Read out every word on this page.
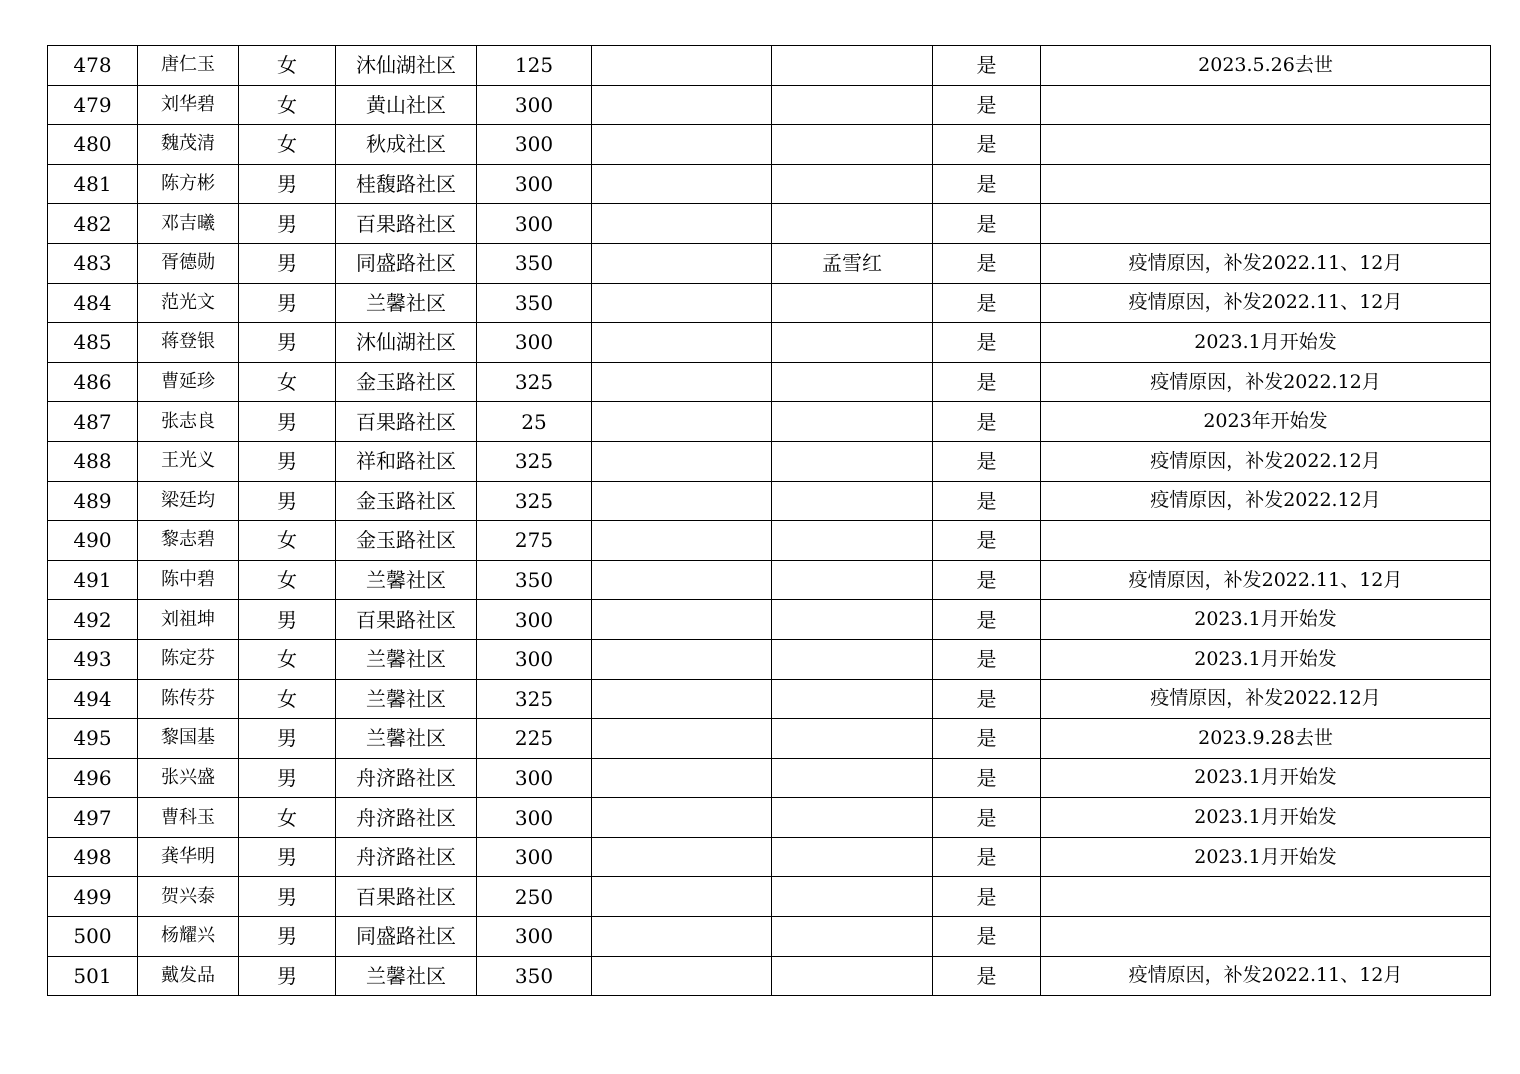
478	唐仁玉	女	沐仙湖社区	125			是	2023.5.26去世
479	刘华碧	女	黄山社区	300			是	
480	魏茂清	女	秋成社区	300			是	
481	陈方彬	男	桂馥路社区	300			是	
482	邓吉曦	男	百果路社区	300			是	
483	胥德勋	男	同盛路社区	350		孟雪红	是	疫情原因，补发2022.11、12月
484	范光文	男	兰馨社区	350			是	疫情原因，补发2022.11、12月
485	蒋登银	男	沐仙湖社区	300			是	2023.1月开始发
486	曹延珍	女	金玉路社区	325			是	疫情原因，补发2022.12月
487	张志良	男	百果路社区	25			是	2023年开始发
488	王光义	男	祥和路社区	325			是	疫情原因，补发2022.12月
489	梁廷均	男	金玉路社区	325			是	疫情原因，补发2022.12月
490	黎志碧	女	金玉路社区	275			是	
491	陈中碧	女	兰馨社区	350			是	疫情原因，补发2022.11、12月
492	刘祖坤	男	百果路社区	300			是	2023.1月开始发
493	陈定芬	女	兰馨社区	300			是	2023.1月开始发
494	陈传芬	女	兰馨社区	325			是	疫情原因，补发2022.12月
495	黎国基	男	兰馨社区	225			是	2023.9.28去世
496	张兴盛	男	舟济路社区	300			是	2023.1月开始发
497	曹科玉	女	舟济路社区	300			是	2023.1月开始发
498	龚华明	男	舟济路社区	300			是	2023.1月开始发
499	贺兴泰	男	百果路社区	250			是	
500	杨耀兴	男	同盛路社区	300			是	
501	戴发品	男	兰馨社区	350			是	疫情原因，补发2022.11、12月
